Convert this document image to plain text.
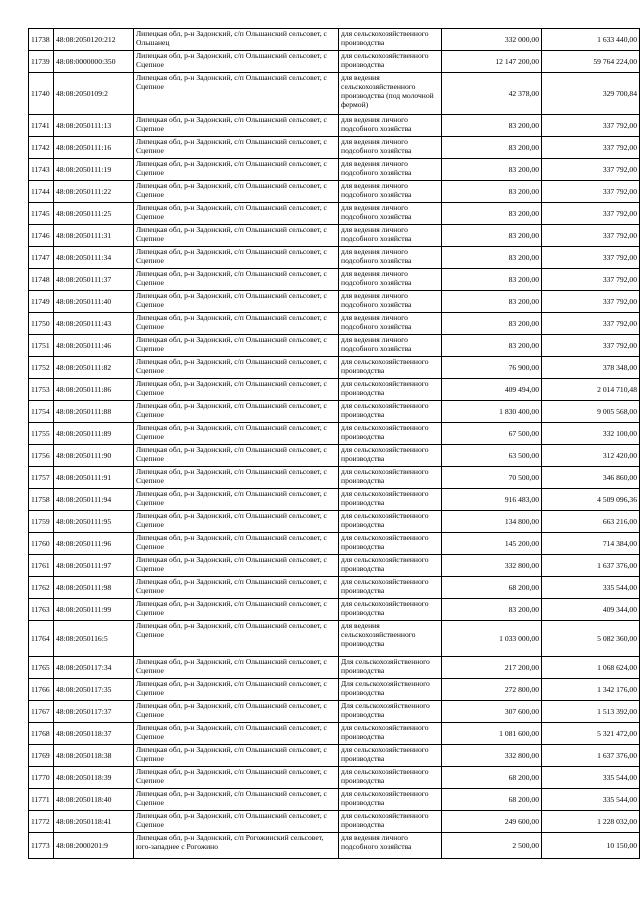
11738	48:08:2050120:212	Липецкая обл, р-н Задонский, с/п Ольшанский сельсовет, с Ольшанец	для сельскохозяйственного производства	332 000,00	1 633 440,00
11739	48:08:0000000:350	Липецкая обл, р-н Задонский, с/п Ольшанский сельсовет, с Сцепное	для сельскохозяйственного производства	12 147 200,00	59 764 224,00
11740	48:08:2050109:2	Липецкая обл, р-н Задонский, с/п Ольшанский сельсовет, с Сцепное	для ведения сельскохозяйственного производства (под молочной фермой)	42 378,00	329 700,84
11741	48:08:2050111:13	Липецкая обл, р-н Задонский, с/п Ольшанский сельсовет, с Сцепное	для ведения личного подсобного хозяйства	83 200,00	337 792,00
11742	48:08:2050111:16	Липецкая обл, р-н Задонский, с/п Ольшанский сельсовет, с Сцепное	для ведения личного подсобного хозяйства	83 200,00	337 792,00
11743	48:08:2050111:19	Липецкая обл, р-н Задонский, с/п Ольшанский сельсовет, с Сцепное	для ведения личного подсобного хозяйства	83 200,00	337 792,00
11744	48:08:2050111:22	Липецкая обл, р-н Задонский, с/п Ольшанский сельсовет, с Сцепное	для ведения личного подсобного хозяйства	83 200,00	337 792,00
11745	48:08:2050111:25	Липецкая обл, р-н Задонский, с/п Ольшанский сельсовет, с Сцепное	для ведения личного подсобного хозяйства	83 200,00	337 792,00
11746	48:08:2050111:31	Липецкая обл, р-н Задонский, с/п Ольшанский сельсовет, с Сцепное	для ведения личного подсобного хозяйства	83 200,00	337 792,00
11747	48:08:2050111:34	Липецкая обл, р-н Задонский, с/п Ольшанский сельсовет, с Сцепное	для ведения личного подсобного хозяйства	83 200,00	337 792,00
11748	48:08:2050111:37	Липецкая обл, р-н Задонский, с/п Ольшанский сельсовет, с Сцепное	для ведения личного подсобного хозяйства	83 200,00	337 792,00
11749	48:08:2050111:40	Липецкая обл, р-н Задонский, с/п Ольшанский сельсовет, с Сцепное	для ведения личного подсобного хозяйства	83 200,00	337 792,00
11750	48:08:2050111:43	Липецкая обл, р-н Задонский, с/п Ольшанский сельсовет, с Сцепное	для ведения личного подсобного хозяйства	83 200,00	337 792,00
11751	48:08:2050111:46	Липецкая обл, р-н Задонский, с/п Ольшанский сельсовет, с Сцепное	для ведения личного подсобного хозяйства	83 200,00	337 792,00
11752	48:08:2050111:82	Липецкая обл, р-н Задонский, с/п Ольшанский сельсовет, с Сцепное	для сельскохозяйственного производства	76 900,00	378 348,00
11753	48:08:2050111:86	Липецкая обл, р-н Задонский, с/п Ольшанский сельсовет, с Сцепное	для сельскохозяйственного производства	409 494,00	2 014 710,48
11754	48:08:2050111:88	Липецкая обл, р-н Задонский, с/п Ольшанский сельсовет, с Сцепное	для сельскохозяйственного производства	1 830 400,00	9 005 568,00
11755	48:08:2050111:89	Липецкая обл, р-н Задонский, с/п Ольшанский сельсовет, с Сцепное	для сельскохозяйственного производства	67 500,00	332 100,00
11756	48:08:2050111:90	Липецкая обл, р-н Задонский, с/п Ольшанский сельсовет, с Сцепное	для сельскохозяйственного производства	63 500,00	312 420,00
11757	48:08:2050111:91	Липецкая обл, р-н Задонский, с/п Ольшанский сельсовет, с Сцепное	для сельскохозяйственного производства	70 500,00	346 860,00
11758	48:08:2050111:94	Липецкая обл, р-н Задонский, с/п Ольшанский сельсовет, с Сцепное	для сельскохозяйственного производства	916 483,00	4 509 096,36
11759	48:08:2050111:95	Липецкая обл, р-н Задонский, с/п Ольшанский сельсовет, с Сцепное	для сельскохозяйственного производства	134 800,00	663 216,00
11760	48:08:2050111:96	Липецкая обл, р-н Задонский, с/п Ольшанский сельсовет, с Сцепное	для сельскохозяйственного производства	145 200,00	714 384,00
11761	48:08:2050111:97	Липецкая обл, р-н Задонский, с/п Ольшанский сельсовет, с Сцепное	для сельскохозяйственного производства	332 800,00	1 637 376,00
11762	48:08:2050111:98	Липецкая обл, р-н Задонский, с/п Ольшанский сельсовет, с Сцепное	для сельскохозяйственного производства	68 200,00	335 544,00
11763	48:08:2050111:99	Липецкая обл, р-н Задонский, с/п Ольшанский сельсовет, с Сцепное	для сельскохозяйственного производства	83 200,00	409 344,00
11764	48:08:2050116:5	Липецкая обл, р-н Задонский, с/п Ольшанский сельсовет, с Сцепное	для ведения сельскохозяйственного производства	1 033 000,00	5 082 360,00
11765	48:08:2050117:34	Липецкая обл, р-н Задонский, с/п Ольшанский сельсовет, с Сцепное	Для сельскохозяйственного производства	217 200,00	1 068 624,00
11766	48:08:2050117:35	Липецкая обл, р-н Задонский, с/п Ольшанский сельсовет, с Сцепное	Для сельскохозяйственного производства	272 800,00	1 342 176,00
11767	48:08:2050117:37	Липецкая обл, р-н Задонский, с/п Ольшанский сельсовет, с Сцепное	Для сельскохозяйственного производства	307 600,00	1 513 392,00
11768	48:08:2050118:37	Липецкая обл, р-н Задонский, с/п Ольшанский сельсовет, с Сцепное	для сельскохозяйственного производства	1 081 600,00	5 321 472,00
11769	48:08:2050118:38	Липецкая обл, р-н Задонский, с/п Ольшанский сельсовет, с Сцепное	для сельскохозяйственного производства	332 800,00	1 637 376,00
11770	48:08:2050118:39	Липецкая обл, р-н Задонский, с/п Ольшанский сельсовет, с Сцепное	для сельскохозяйственного производства	68 200,00	335 544,00
11771	48:08:2050118:40	Липецкая обл, р-н Задонский, с/п Ольшанский сельсовет, с Сцепное	для сельскохозяйственного производства	68 200,00	335 544,00
11772	48:08:2050118:41	Липецкая обл, р-н Задонский, с/п Ольшанский сельсовет, с Сцепное	для сельскохозяйственного производства	249 600,00	1 228 032,00
11773	48:08:2000201:9	Липецкая обл, р-н Задонский, с/п Рогожинский сельсовет, юго-западнее с Рогожино	для ведения личного подсобного хозяйства	2 500,00	10 150,00
